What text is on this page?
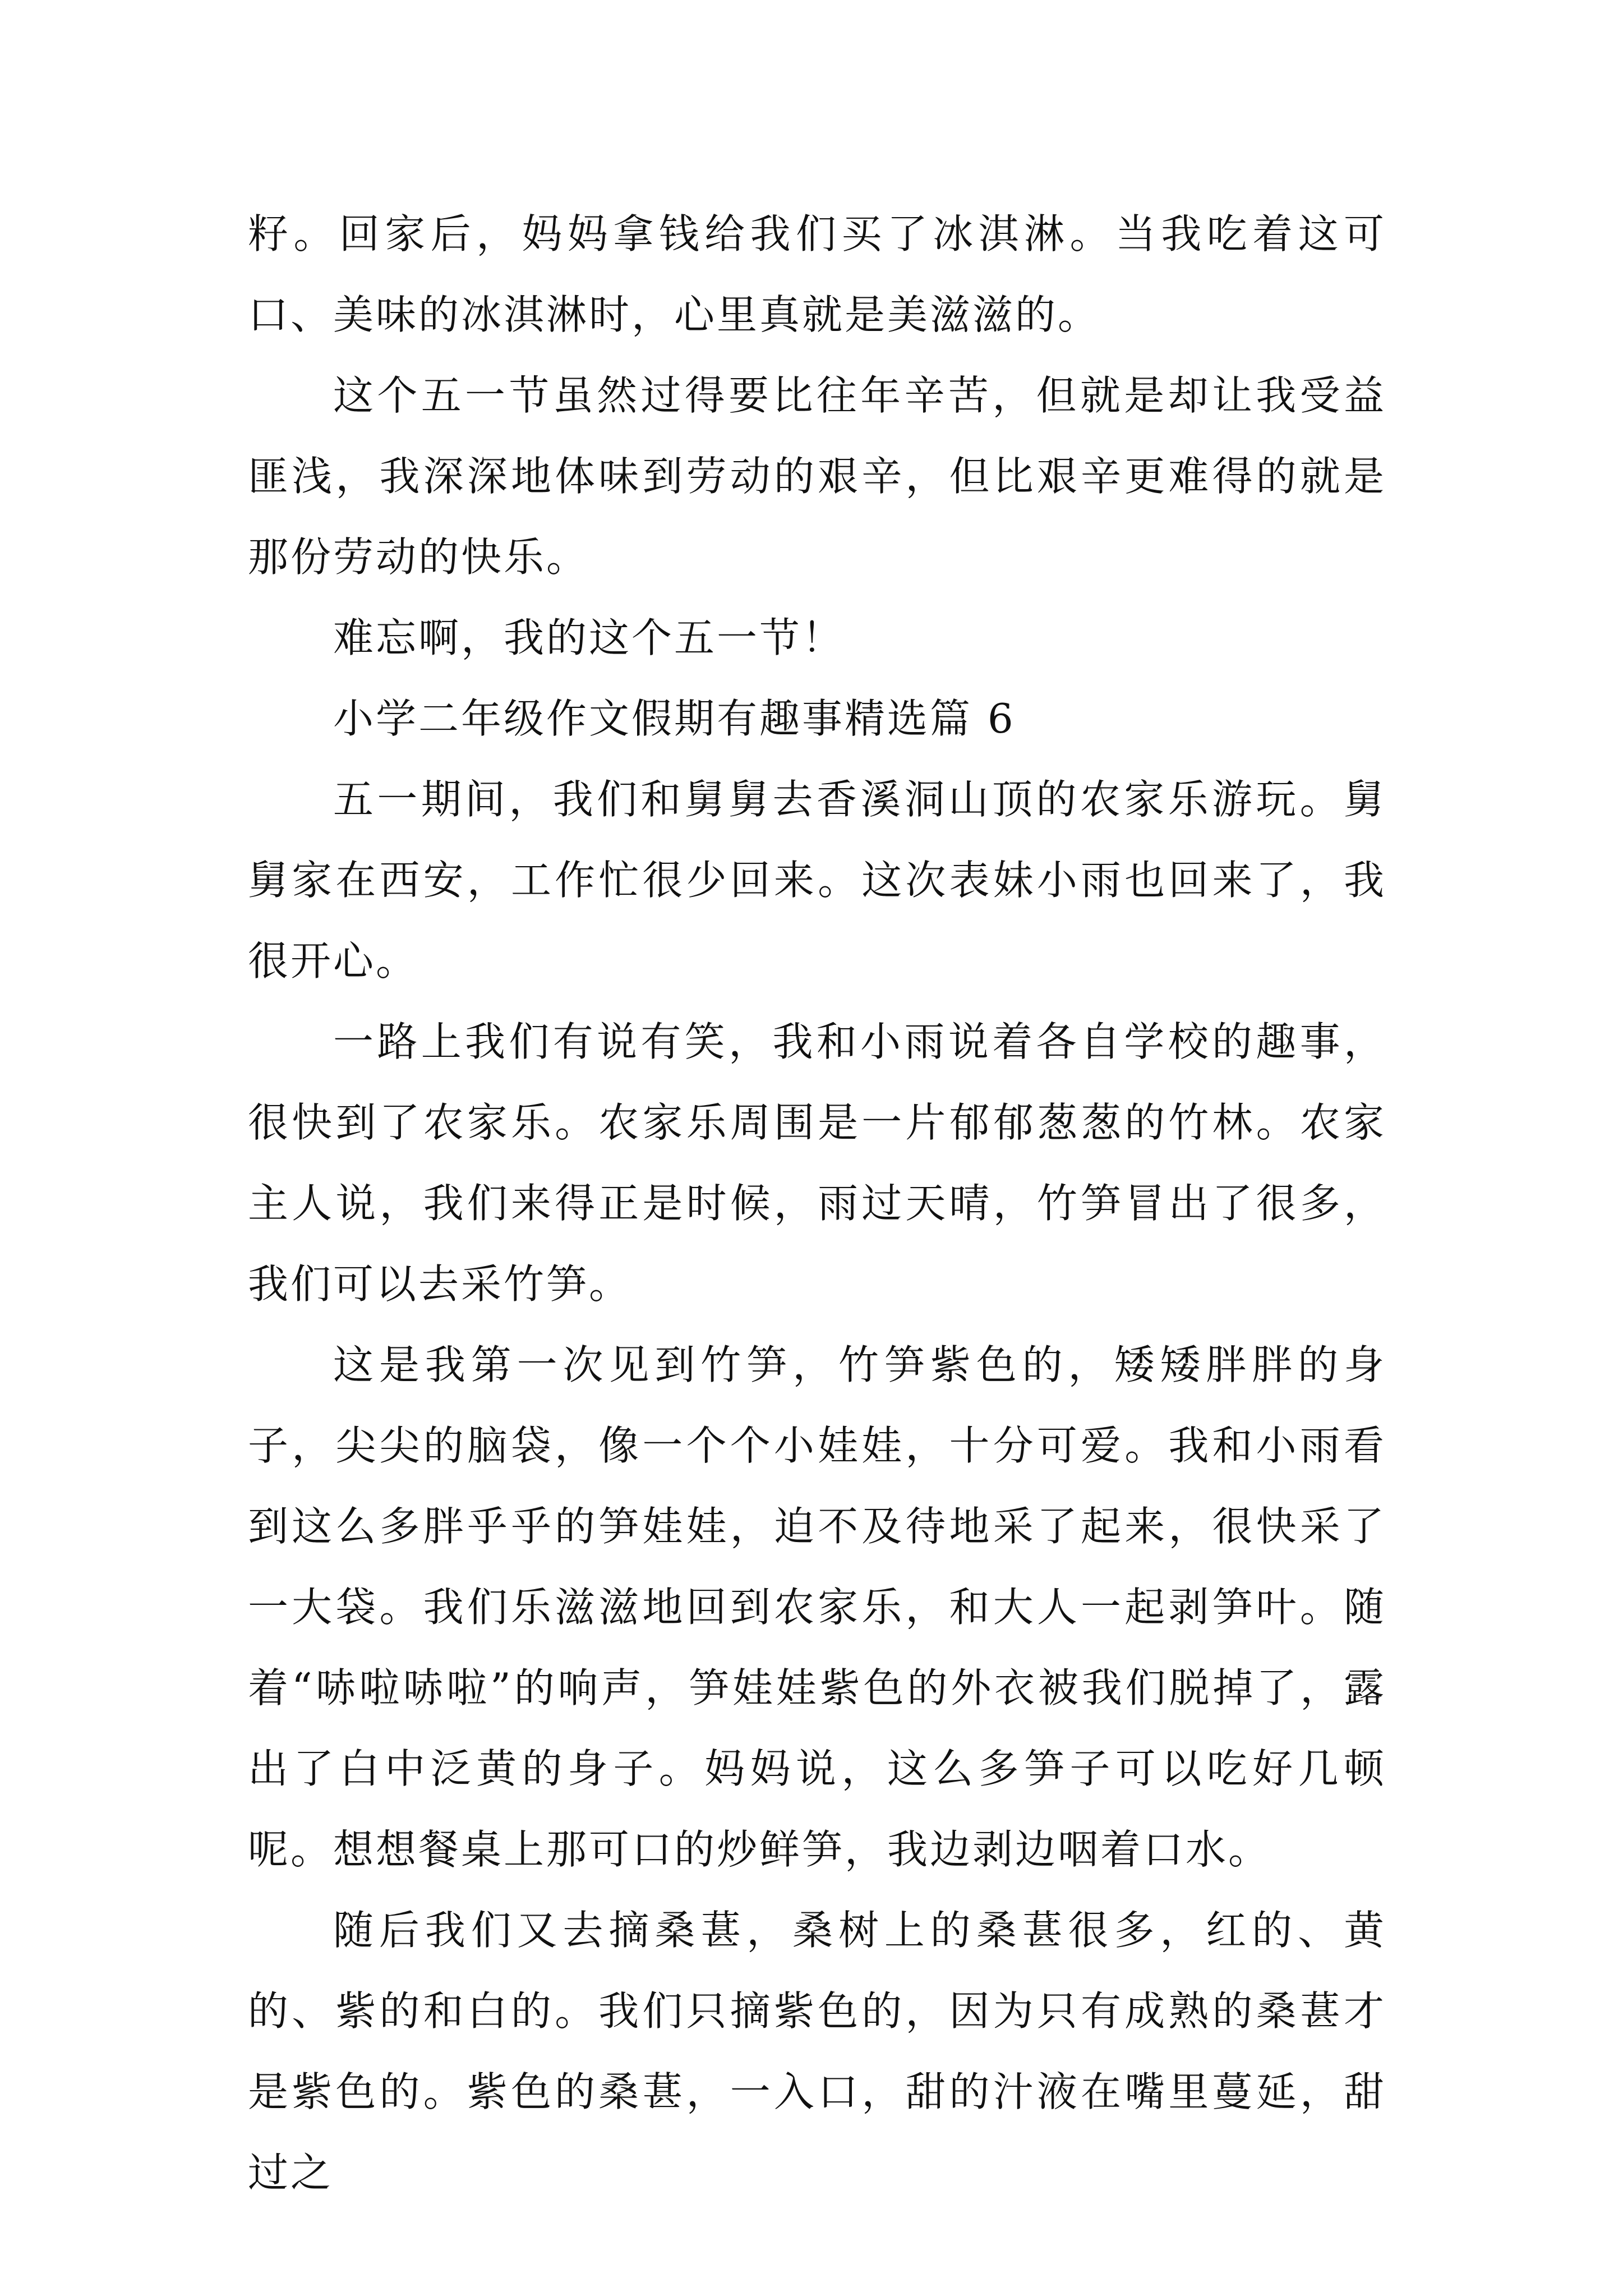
籽。回家后，妈妈拿钱给我们买了冰淇淋。当我吃着这可口、美味的冰淇淋时，心里真就是美滋滋的。

这个五一节虽然过得要比往年辛苦，但就是却让我受益匪浅，我深深地体味到劳动的艰辛，但比艰辛更难得的就是那份劳动的快乐。

难忘啊，我的这个五一节！

小学二年级作文假期有趣事精选篇 6

五一期间，我们和舅舅去香溪洞山顶的农家乐游玩。舅舅家在西安，工作忙很少回来。这次表妹小雨也回来了，我很开心。

一路上我们有说有笑，我和小雨说着各自学校的趣事，很快到了农家乐。农家乐周围是一片郁郁葱葱的竹林。农家主人说，我们来得正是时候，雨过天晴，竹笋冒出了很多，我们可以去采竹笋。

这是我第一次见到竹笋，竹笋紫色的，矮矮胖胖的身子，尖尖的脑袋，像一个个小娃娃，十分可爱。我和小雨看到这么多胖乎乎的笋娃娃，迫不及待地采了起来，很快采了一大袋。我们乐滋滋地回到农家乐，和大人一起剥笋叶。随着“哧啦哧啦”的响声，笋娃娃紫色的外衣被我们脱掉了，露出了白中泛黄的身子。妈妈说，这么多笋子可以吃好几顿呢。想想餐桌上那可口的炒鲜笋，我边剥边咽着口水。

随后我们又去摘桑葚，桑树上的桑葚很多，红的、黄的、紫的和白的。我们只摘紫色的，因为只有成熟的桑葚才是紫色的。紫色的桑葚，一入口，甜的汁液在嘴里蔓延，甜过之
